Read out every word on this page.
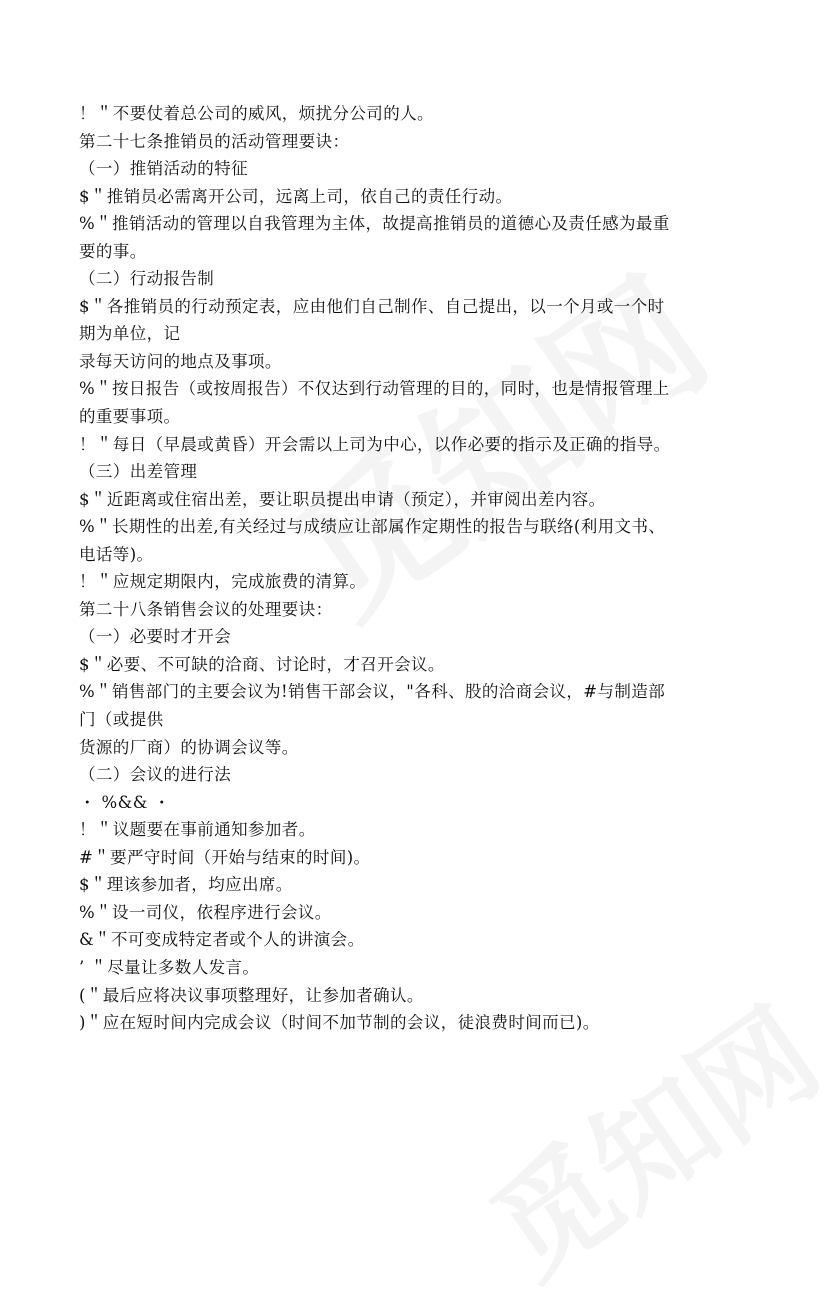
！＂不要仗着总公司的威风，烦扰分公司的人。
第二十七条推销员的活动管理要诀：
（一）推销活动的特征
$＂推销员必需离开公司，远离上司，依自己的责任行动。
%＂推销活动的管理以自我管理为主体，故提高推销员的道德心及责任感为最重
要的事。
（二）行动报告制
$＂各推销员的行动预定表，应由他们自己制作、自己提出，以一个月或一个时
期为单位，记
录每天访问的地点及事项。
%＂按日报告（或按周报告）不仅达到行动管理的目的，同时，也是情报管理上
的重要事项。
！＂每日（早晨或黄昏）开会需以上司为中心，以作必要的指示及正确的指导。
（三）出差管理
$＂近距离或住宿出差，要让职员提出申请（预定），并审阅出差内容。
%＂长期性的出差,有关经过与成绩应让部属作定期性的报告与联络(利用文书、
电话等)。
！＂应规定期限内，完成旅费的清算。
第二十八条销售会议的处理要诀：
（一）必要时才开会
$＂必要、不可缺的洽商、讨论时，才召开会议。
%＂销售部门的主要会议为!销售干部会议，"各科、股的洽商会议，#与制造部
门（或提供
货源的厂商）的协调会议等。
（二）会议的进行法
・ %&& ・
！＂议题要在事前通知参加者。
#＂要严守时间（开始与结束的时间)。
$＂理该参加者，均应出席。
%＂设一司仪，依程序进行会议。
&＂不可变成特定者或个人的讲演会。
’ ＂尽量让多数人发言。
(＂最后应将决议事项整理好，让参加者确认。
)＂应在短时间内完成会议（时间不加节制的会议，徒浪费时间而已)。
